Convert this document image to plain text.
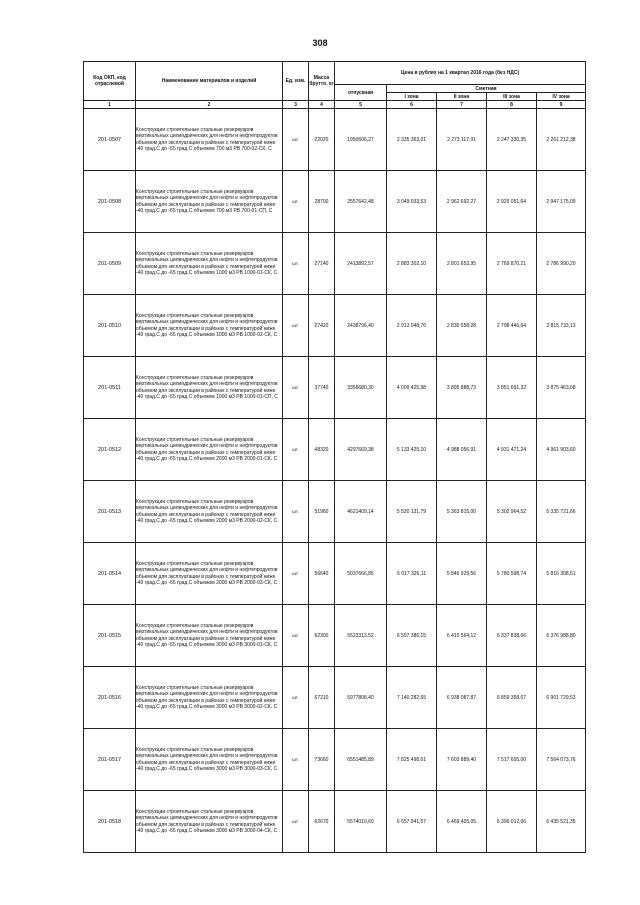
308
Код ОКП, код отраслевой	Наименование материалов и изделий	Ед. изм.	Масса брутто, кг	Цена в рублях на 1 квартал 2016 года (без НДС)				
				отпускная	Сметная			
					I зона	II зона	III зона	IV зона
1	2	3	4	5	6	7	8	9
201-0507	Конструкции строительные стальные резервуаров вертикальных цилиндрических для нефти и нефтепродуктов объемом для эксплуатации в районах с температурой ниже -40 град.С до -65 град.С объемом 700 м3 РВ 700-02-СК, С	шт.	22020	1950606,27	2 335 363,01	2 273 117,91	2 247 330,35	2 261 212,38
201-0508	Конструкции строительные стальные резервуаров вертикальных цилиндрических для нефти и нефтепродуктов объемом для эксплуатации в районах с температурой ниже -40 град.С до -65 град.С объемом 700 м3 РВ 700-01-СП, С	шт.	28700	2557642,48	3 049 033,53	2 962 692,27	2 929 051,64	2 947 175,09
201-0509	Конструкции строительные стальные резервуаров вертикальных цилиндрических для нефти и нефтепродуктов объемом для эксплуатации в районах с температурой ниже -40 град.С до -65 град.С объемом 1000 м3 РВ 1000-01-СК, С	шт.	27140	2413892,57	2 883 302,10	2 801 653,95	2 769 870,21	2 786 990,20
201-0510	Конструкции строительные стальные резервуаров вертикальных цилиндрических для нефти и нефтепродуктов объемом для эксплуатации в районах с температурой ниже -40 град.С до -65 град.С объемом 1000 м3 РВ 1000-02-СК, С	шт.	27420	2438796,40	2 913 048,76	2 830 558,28	2 798 446,64	2 815 733,13
201-0511	Конструкции строительные стальные резервуаров вертикальных цилиндрических для нефти и нефтепродуктов объемом для эксплуатации в районах с температурой ниже -40 град.С до -65 град.С объемом 1000 м3 РВ 1000-01-СП, С	шт.	37740	3356680,30	4 009 425,98	3 895 888,73	3 851 691,32	3 875 463,68
201-0512	Конструкции строительные стальные резервуаров вертикальных цилиндрических для нефти и нефтепродуктов объемом для эксплуатации в районах с температурой ниже -40 град.С до -65 град.С объемом 2000 м3 РВ 2000-01-СК, С	шт.	48320	4297669,38	5 133 425,10	4 988 056,91	4 931 471,24	4 961 903,60
201-0513	Конструкции строительные стальные резервуаров вертикальных цилиндрических для нефти и нефтепродуктов объемом для эксплуатации в районах с температурой ниже -40 град.С до -65 град.С объемом 2000 м3 РВ 2000-02-СК, С	шт.	51960	4621409,14	5 520 131,79	5 363 815,00	5 302 964,52	5 335 721,66
201-0514	Конструкции строительные стальные резервуаров вертикальных цилиндрических для нефти и нефтепродуктов объемом для эксплуатации в районах с температурой ниже -40 град.С до -65 град.С объемом 2000 м3 РВ 2000-03-СК, С	шт.	56640	5037666,85	6 017 326,11	5 846 929,56	5 780 598,74	5 816 308,51
201-0515	Конструкции строительные стальные резервуаров вертикальных цилиндрических для нефти и нефтепродуктов объемом для эксплуатации в районах с температурой ниже -40 град.С до -65 град.С объемом 3000 м3 РВ 3000-01-СК, С	шт.	62300	5523313,52	6 597 386,15	6 410 564,12	6 337 838,66	6 376 988,80
201-0516	Конструкции строительные стальные резервуаров вертикальных цилиндрических для нефти и нефтепродуктов объемом для эксплуатации в районах с температурой ниже -40 град.С до -65 град.С объемом 3000 м3 РВ 3000-02-СК, С	шт.	67210	5977808,40	7 140 282,65	6 938 087,87	6 859 358,07	6 901 729,53
201-0517	Конструкции строительные стальные резервуаров вертикальных цилиндрических для нефти и нефтепродуктов объемом для эксплуатации в районах с температурой ниже -40 град.С до -65 град.С объемом 3000 м3 РВ 3000-03-СК, С	шт.	73660	6551485,89	7 825 498,61	7 603 889,40	7 517 605,00	7 564 073,76
201-0518	Конструкции строительные стальные резервуаров вертикальных цилиндрических для нефти и нефтепродуктов объемом для эксплуатации в районах с температурой ниже -40 град.С до -65 град.С объемом 3000 м3 РВ 3000-04-СК, С	шт.	62670	5574010,60	6 657 941,57	6 469 405,05	6 396 012,06	6 435 521,35
